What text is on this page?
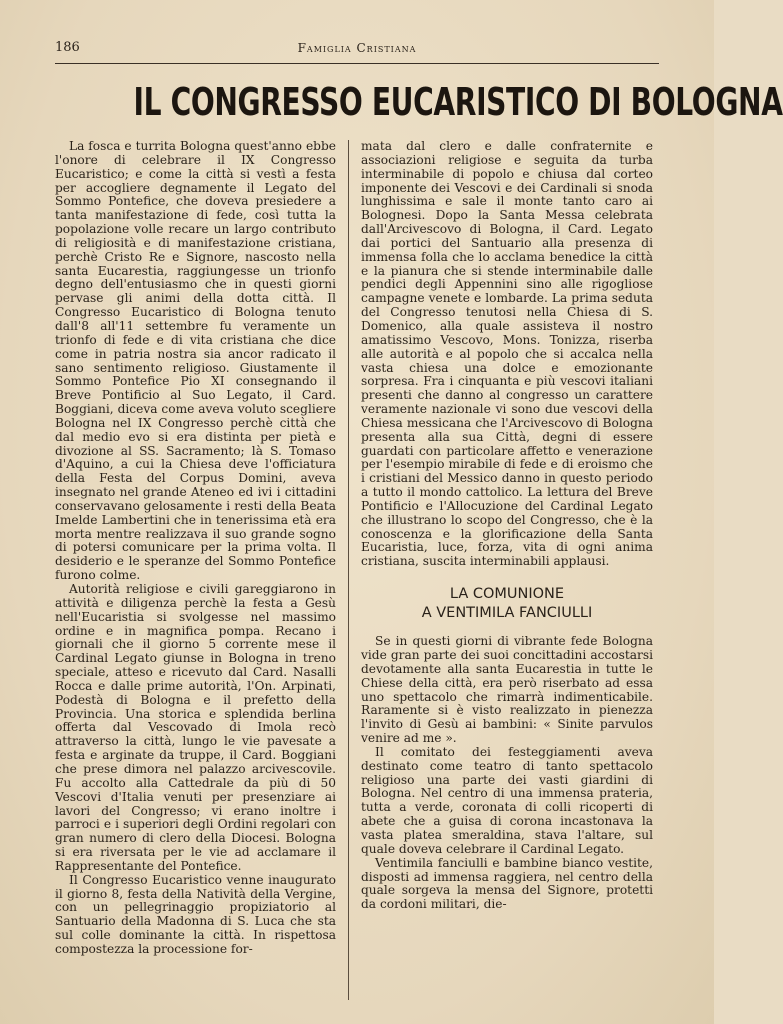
186	Famiglia Cristiana
IL CONGRESSO EUCARISTICO DI BOLOGNA

La fosca e turrita Bologna quest'anno ebbe l'onore di celebrare il IX Congresso Eucaristico; e come la città si vestì a festa per accogliere degnamente il Legato del Sommo Pontefice, che doveva presiedere a tanta manifestazione di fede, così tutta la popolazione volle recare un largo contributo di religiosità e di manifestazione cristiana, perchè Cristo Re e Signore, nascosto nella santa Eucarestia, raggiungesse un trionfo degno dell'entusiasmo che in questi giorni pervase gli animi della dotta città. Il Congresso Eucaristico di Bologna tenuto dall'8 all'11 settembre fu veramente un trionfo di fede e di vita cristiana che dice come in patria nostra sia ancor radicato il sano sentimento religioso. Giustamente il Sommo Pontefice Pio XI consegnando il Breve Pontificio al Suo Legato, il Card. Boggiani, diceva come aveva voluto scegliere Bologna nel IX Congresso perchè città che dal medio evo si era distinta per pietà e divozione al SS. Sacramento; là S. Tomaso d'Aquino, a cui la Chiesa deve l'officiatura della Festa del Corpus Domini, aveva insegnato nel grande Ateneo ed ivi i cittadini conservavano gelosamente i resti della Beata Imelde Lambertini che in tenerissima età era morta mentre realizzava il suo grande sogno di potersi comunicare per la prima volta. Il desiderio e le speranze del Sommo Pontefice furono colme.

Autorità religiose e civili gareggiarono in attività e diligenza perchè la festa a Gesù nell'Eucaristia si svolgesse nel massimo ordine e in magnifica pompa. Recano i giornali che il giorno 5 corrente mese il Cardinal Legato giunse in Bologna in treno speciale, atteso e ricevuto dal Card. Nasalli Rocca e dalle prime autorità, l'On. Arpinati, Podestà di Bologna e il prefetto della Provincia. Una storica e splendida berlina offerta dal Vescovado di Imola recò attraverso la città, lungo le vie pavesate a festa e arginate da truppe, il Card. Boggiani che prese dimora nel palazzo arcivescovile. Fu accolto alla Cattedrale da più di 50 Vescovi d'Italia venuti per presenziare ai lavori del Congresso; vi erano inoltre i parroci e i superiori degli Ordini regolari con gran numero di clero della Diocesi. Bologna si era riversata per le vie ad acclamare il Rappresentante del Pontefice.

Il Congresso Eucaristico venne inaugurato il giorno 8, festa della Natività della Vergine, con un pellegrinaggio propiziatorio al Santuario della Madonna di S. Luca che sta sul colle dominante la città. In rispettosa compostezza la processione for-

mata dal clero e dalle confraternite e associazioni religiose e seguita da turba interminabile di popolo e chiusa dal corteo imponente dei Vescovi e dei Cardinali si snoda lunghissima e sale il monte tanto caro ai Bolognesi. Dopo la Santa Messa celebrata dall'Arcivescovo di Bologna, il Card. Legato dai portici del Santuario alla presenza di immensa folla che lo acclama benedice la città e la pianura che si stende interminabile dalle pendici degli Appennini sino alle rigogliose campagne venete e lombarde. La prima seduta del Congresso tenutosi nella Chiesa di S. Domenico, alla quale assisteva il nostro amatissimo Vescovo, Mons. Tonizza, riserba alle autorità e al popolo che si accalca nella vasta chiesa una dolce e emozionante sorpresa. Fra i cinquanta e più vescovi italiani presenti che danno al congresso un carattere veramente nazionale vi sono due vescovi della Chiesa messicana che l'Arcivescovo di Bologna presenta alla sua Città, degni di essere guardati con particolare affetto e venerazione per l'esempio mirabile di fede e di eroismo che i cristiani del Messico danno in questo periodo a tutto il mondo cattolico. La lettura del Breve Pontificio e l'Allocuzione del Cardinal Legato che illustrano lo scopo del Congresso, che è la conoscenza e la glorificazione della Santa Eucaristia, luce, forza, vita di ogni anima cristiana, suscita interminabili applausi.

LA COMUNIONE
A VENTIMILA FANCIULLI

Se in questi giorni di vibrante fede Bologna vide gran parte dei suoi concittadini accostarsi devotamente alla santa Eucarestia in tutte le Chiese della città, era però riserbato ad essa uno spettacolo che rimarrà indimenticabile. Raramente si è visto realizzato in pienezza l'invito di Gesù ai bambini: « Sinite parvulos venire ad me ».

Il comitato dei festeggiamenti aveva destinato come teatro di tanto spettacolo religioso una parte dei vasti giardini di Bologna. Nel centro di una immensa prateria, tutta a verde, coronata di colli ricoperti di abete che a guisa di corona incastonava la vasta platea smeraldina, stava l'altare, sul quale doveva celebrare il Cardinal Legato.

Ventimila fanciulli e bambine bianco vestite, disposti ad immensa raggiera, nel centro della quale sorgeva la mensa del Signore, protetti da cordoni militari, die-
